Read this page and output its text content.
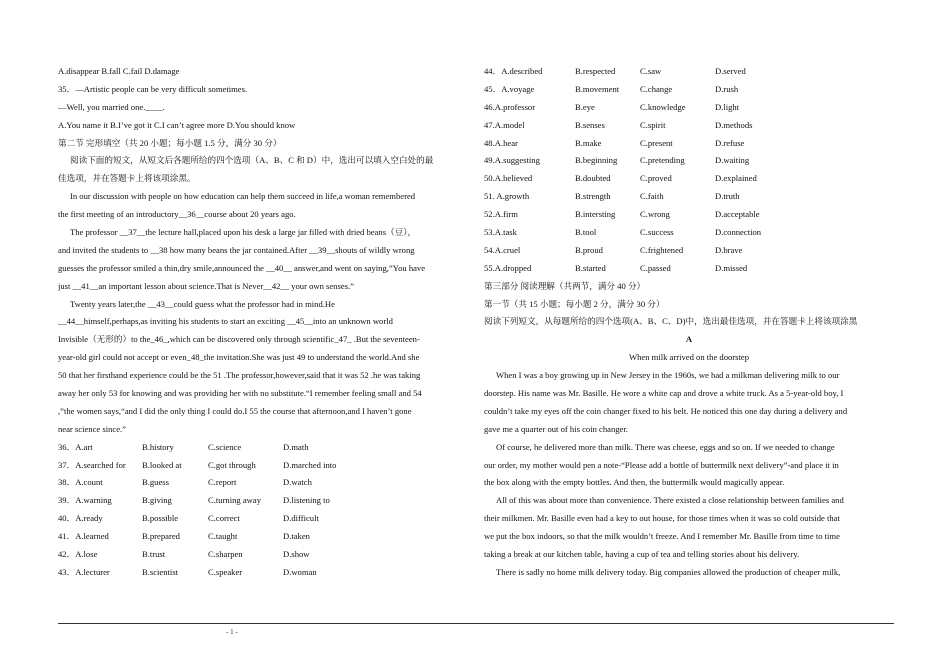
A.disappear B.fall C.fail D.damage
35．—Artistic people can be very difficult sometimes.
—Well, you married one.____.
A.You name it B.I’ve got it C.I can’t agree more D.You should know
第二节 完形填空（共 20 小题；每小题 1.5 分，满分 30 分）
阅读下面的短文，从短文后各题所给的四个选项（A、B、C 和 D）中，选出可以填入空白处的最
佳选项，并在答题卡上将该项涂黑。
In our discussion with people on how education can help them succeed in life,a woman remembered
the first meeting of an introductory__36__course about 20 years ago.
The professor __37__the lecture hall,placed upon his desk a large jar filled with dried beans（豆），
and invited the students to __38 how many beans the jar contained.After __39__shouts of wildly wrong
guesses the professor smiled a thin,dry smile,announced the __40__ answer,and went on saying,”You have
just __41__an important lesson about science.That is Never__42__ your own senses.”
Twenty years later,the __43__could guess what the professor had in mind.He
__44__himself,perhaps,as inviting his students to start an exciting __45__into an unknown world
Invisible（无形的）to the_46_,which can be discovered only through scientific_47_ .But the seventeen-
year-old girl could not accept or even_48_the invitation.She was just 49 to understand the world.And she
50 that her firsthand experience could be the 51 .The professor,however,said that it was 52 .he was taking
away her only 53 for knowing and was providing her with no substitute.“I remember feeling small and 54
,”the women says,“and I did the only thing I could do.I 55 the course that afternoon,and I haven’t gone
near science since.”
36．A.art	B.history	C.science	D.math
37．A.searched for	B.looked at	C.got through	D.marched into
38．A.count	B.guess	C.report	D.watch
39．A.warning	B.giving	C.turning away	D.listening to
40．A.ready	B.possible	C.correct	D.difficult
41．A.learned	B.prepared	C.taught	D.taken
42．A.lose	B.trust	C.sharpen	D.show
43．A.lecturer	B.scientist	C.speaker	D.woman
44．A.described	B.respected	C.saw	D.served
45．A.voyage	B.movement	C.change	D.rush
46.A.professor	B.eye	C.knowledge	D.light
47.A.model	B.senses	C.spirit	D.methods
48.A.hear	B.make	C.present	D.refuse
49.A.suggesting	B.beginning	C.pretending	D.waiting
50.A.believed	B.doubted	C.proved	D.explained
51. A.growth	B.strength	C.faith	D.truth
52.A.firm	B.intersting	C.wrong	D.acceptable
53.A.task	B.tool	C.success	D.connection
54.A.cruel	B.proud	C.frightened	D.brave
55.A.dropped	B.started	C.passed	D.missed
第三部分 阅读理解（共两节，满分 40 分）
第一节（共 15 小题；每小题 2 分，满分 30 分）
阅读下列短文，从每题所给的四个选项(A、B、C、D)中，选出最佳选项，并在答题卡上将该项涂黑
A
When milk arrived on the doorstep
When I was a boy growing up in New Jersey in the 1960s, we had a milkman delivering milk to our
doorstep. His name was Mr. Basille. He wore a white cap and drove a white truck. As a 5-year-old boy, I
couldn’t take my eyes off the coin changer fixed to his belt. He noticed this one day during a delivery and
gave me a quarter out of his coin changer.
Of course, he delivered more than milk. There was cheese, eggs and so on. If we needed to change
our order, my mother would pen a note-“Please add a bottle of buttermilk next delivery”-and place it in
the box along with the empty bottles. And then, the buttermilk would magically appear.
All of this was about more than convenience. There existed a close relationship between families and
their milkmen. Mr. Basille even had a key to out house, for those times when it was so cold outside that
we put the box indoors, so that the milk wouldn’t freeze. And I remember Mr. Basille from time to time
taking a break at our kitchen table, having a cup of tea and telling stories about his delivery.
There is sadly no home milk delivery today. Big companies allowed the production of cheaper milk,
- 1 -
